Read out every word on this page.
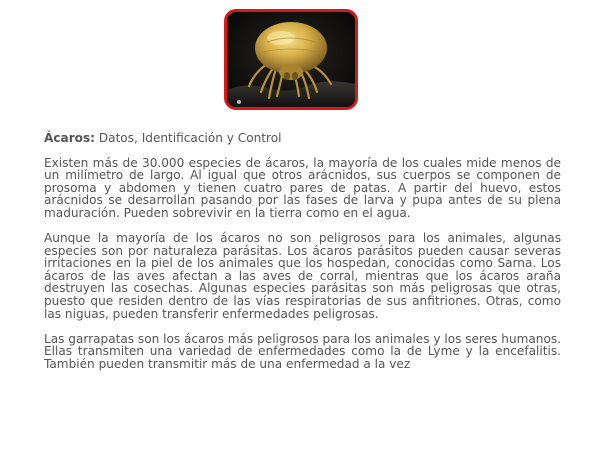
Ácaros: Datos, Identificación y Control

Existen más de 30.000 especies de ácaros, la mayoría de los cuales mide menos de un milímetro de largo. Al igual que otros arácnidos, sus cuerpos se componen de prosoma y abdomen y tienen cuatro pares de patas. A partir del huevo, estos arácnidos se desarrollan pasando por las fases de larva y pupa antes de su plena maduración. Pueden sobrevivir en la tierra como en el agua.

Aunque la mayoría de los ácaros no son peligrosos para los animales, algunas especies son por naturaleza parásitas. Los ácaros parásitos pueden causar severas irritaciones en la piel de los animales que los hospedan, conocidas como Sarna. Los ácaros de las aves afectan a las aves de corral, mientras que los ácaros araña destruyen las cosechas. Algunas especies parásitas son más peligrosas que otras, puesto que residen dentro de las vías respiratorias de sus anfitriones. Otras, como las niguas, pueden transferir enfermedades peligrosas.

Las garrapatas son los ácaros más peligrosos para los animales y los seres humanos. Ellas transmiten una variedad de enfermedades como la de Lyme y la encefalitis. También pueden transmitir más de una enfermedad a la vez
